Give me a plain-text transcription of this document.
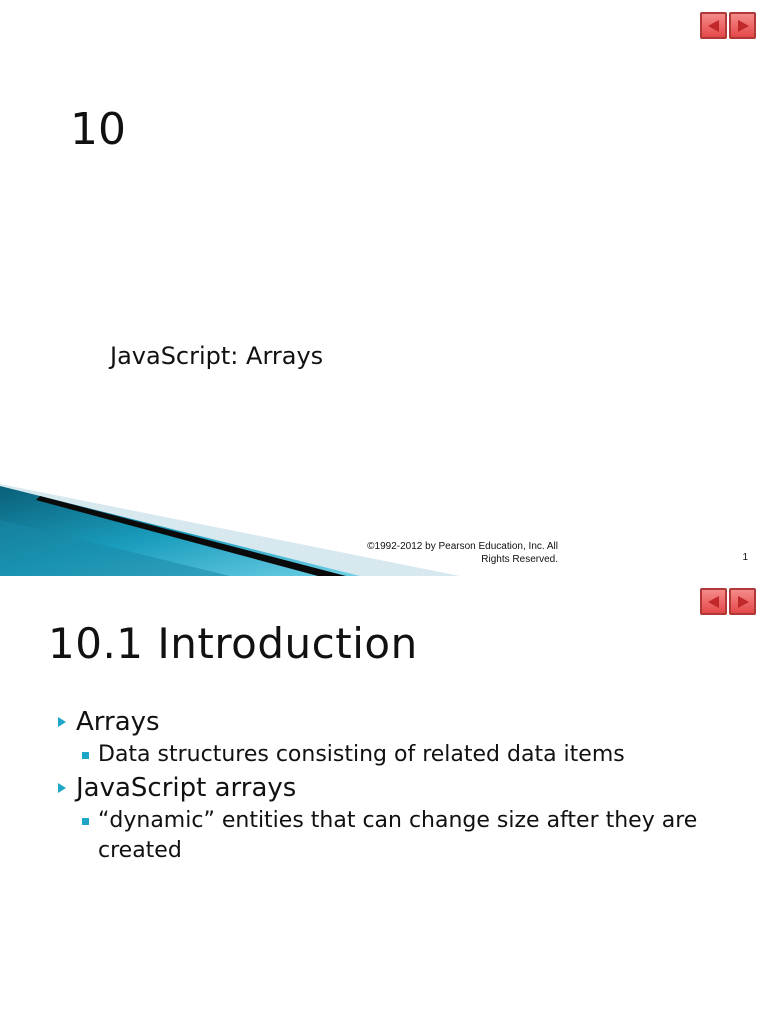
10
JavaScript: Arrays
©1992-2012 by Pearson Education, Inc. All Rights Reserved.	1
10.1 Introduction
Arrays
Data structures consisting of related data items
JavaScript arrays
“dynamic” entities that can change size after they are created
